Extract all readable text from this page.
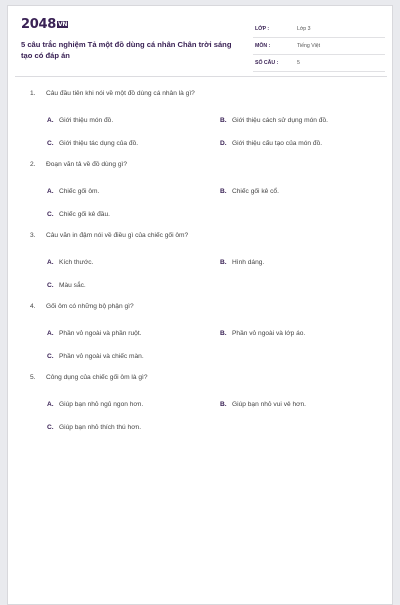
2048 VN
5 câu trắc nghiệm Tả một đồ dùng cá nhân Chân trời sáng tạo có đáp án
LỚP :	Lớp 3
MÔN :	Tiếng Việt
SỐ CÂU :	5
1. Câu đầu tiên khi nói về một đồ dùng cá nhân là gì?
A. Giới thiệu món đồ.	B. Giới thiệu cách sử dụng món đồ.
C. Giới thiệu tác dụng của đồ.	D. Giới thiệu cấu tạo của món đồ.
2. Đoạn văn tả về đồ dùng gì?
A. Chiếc gối ôm.	B. Chiếc gối kê cổ.
C. Chiếc gối kê đầu.
3. Câu văn in đậm nói về điều gì của chiếc gối ôm?
A. Kích thước.	B. Hình dáng.
C. Màu sắc.
4. Gối ôm có những bộ phận gì?
A. Phần vỏ ngoài và phần ruột.	B. Phần vỏ ngoài và lớp áo.
C. Phần vỏ ngoài và chiếc màn.
5. Công dụng của chiếc gối ôm là gì?
A. Giúp bạn nhỏ ngủ ngon hơn.	B. Giúp bạn nhỏ vui vẻ hơn.
C. Giúp bạn nhỏ thích thú hơn.
